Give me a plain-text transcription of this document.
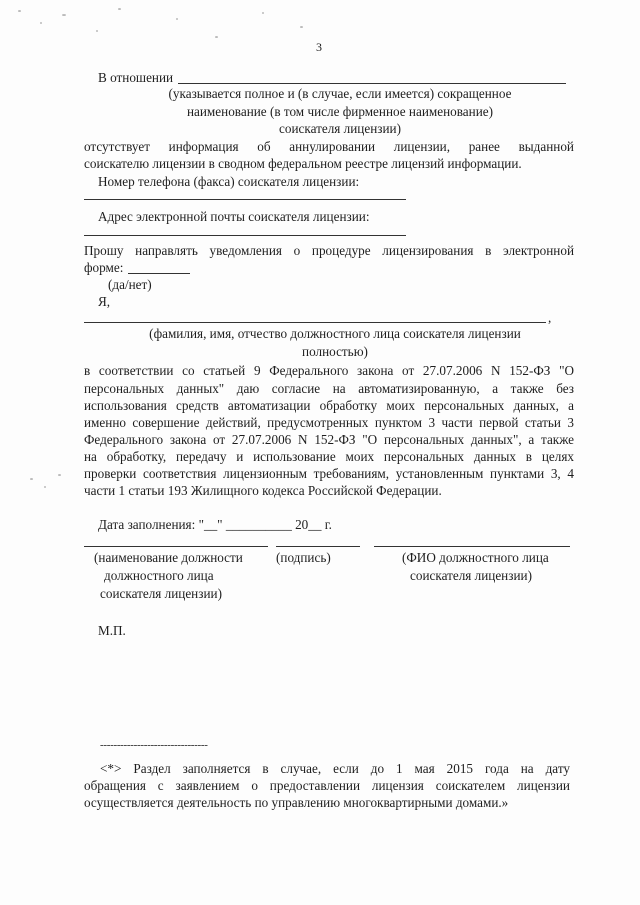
3
В отношении
(указывается полное и (в случае, если имеется) сокращенное
наименование (в том числе фирменное наименование)
соискателя лицензии)
отсутствует информация об аннулировании лицензии, ранее выданной
соискателю лицензии в сводном федеральном реестре лицензий информации.
Номер телефона (факса) соискателя лицензии:
Адрес электронной почты соискателя лицензии:
Прошу направлять уведомления о процедуре лицензирования в электронной
форме:
(да/нет)
Я,
,
(фамилия, имя, отчество должностного лица соискателя лицензии
полностью)
в соответствии со статьей 9 Федерального закона от 27.07.2006 N 152-ФЗ "О
персональных данных" даю согласие на автоматизированную, а также без
использования средств автоматизации обработку моих персональных данных, а
именно совершение действий, предусмотренных пунктом 3 части первой статьи 3
Федерального закона от 27.07.2006 N 152-ФЗ "О персональных данных", а также
на обработку, передачу и использование моих персональных данных в целях
проверки соответствия лицензионным требованиям, установленным пунктами 3, 4
части 1 статьи 193 Жилищного кодекса Российской Федерации.
Дата заполнения: "__" __________ 20__ г.
(наименование должности
должностного лица
соискателя лицензии)
(подпись)	(ФИО должностного лица
соискателя лицензии)
М.П.
--------------------------------
<*> Раздел заполняется в случае, если до 1 мая 2015 года на дату
обращения с заявлением о предоставлении лицензия соискателем лицензии
осуществляется деятельность по управлению многоквартирными домами.»
